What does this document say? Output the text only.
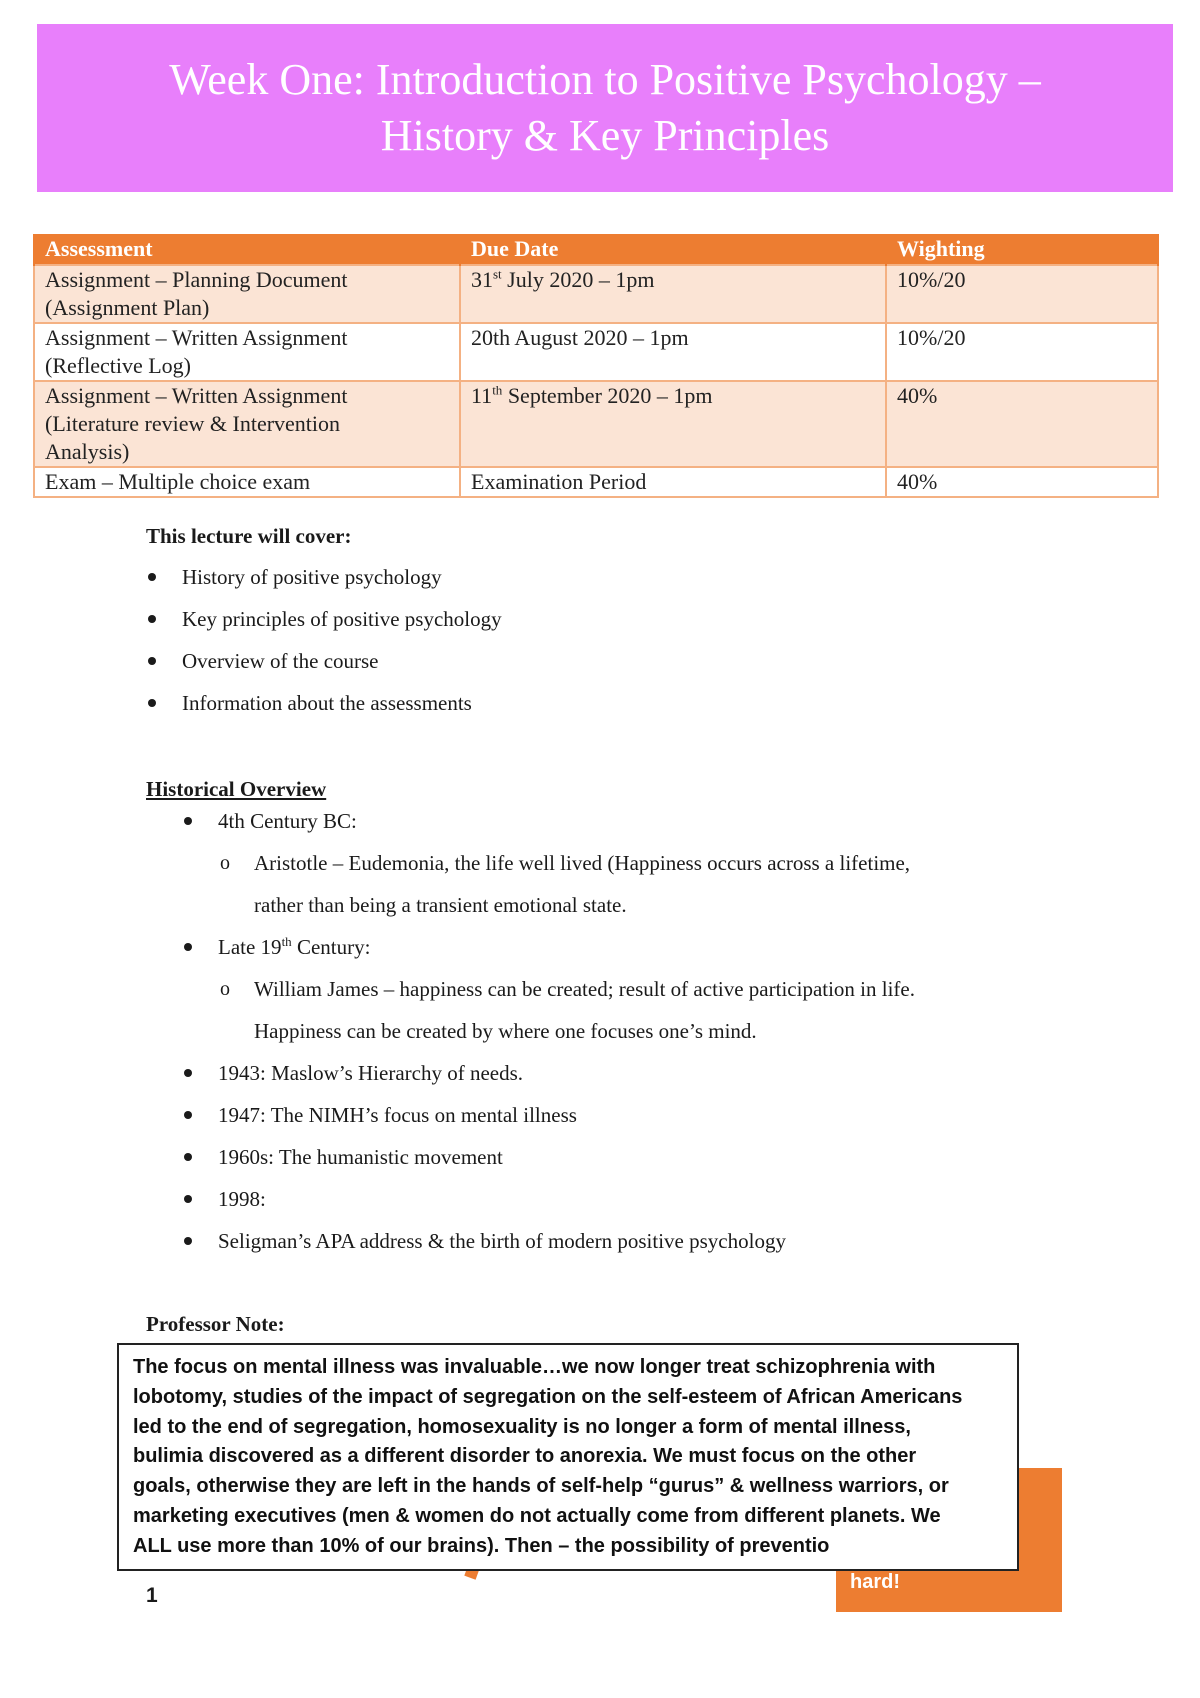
Week One: Introduction to Positive Psychology –
History & Key Principles
Assessment	Due Date	Wighting
Assignment – Planning Document
(Assignment Plan)	31st July 2020 – 1pm	10%/20
Assignment – Written Assignment
(Reflective Log)	20th August 2020 – 1pm	10%/20
Assignment – Written Assignment
(Literature review & Intervention
Analysis)	11th September 2020 – 1pm	40%
Exam – Multiple choice exam	Examination Period	40%

This lecture will cover:

History of positive psychology
Key principles of positive psychology
Overview of the course
Information about the assessments

Historical Overview

4th Century BC:
o Aristotle – Eudemonia, the life well lived (Happiness occurs across a lifetime,
rather than being a transient emotional state.
Late 19th Century:
o William James – happiness can be created; result of active participation in life.
Happiness can be created by where one focuses one’s mind.
1943: Maslow’s Hierarchy of needs.
1947: The NIMH’s focus on mental illness
1960s: The humanistic movement
1998:
Seligman’s APA address & the birth of modern positive psychology

Professor Note:

hard!
The focus on mental illness was invaluable…we now longer treat schizophrenia with
lobotomy, studies of the impact of segregation on the self-esteem of African Americans
led to the end of segregation, homosexuality is no longer a form of mental illness,
bulimia discovered as a different disorder to anorexia. We must focus on the other
goals, otherwise they are left in the hands of self-help “gurus” & wellness warriors, or
marketing executives (men & women do not actually come from different planets. We
ALL use more than 10% of our brains). Then – the possibility of preventio
1
